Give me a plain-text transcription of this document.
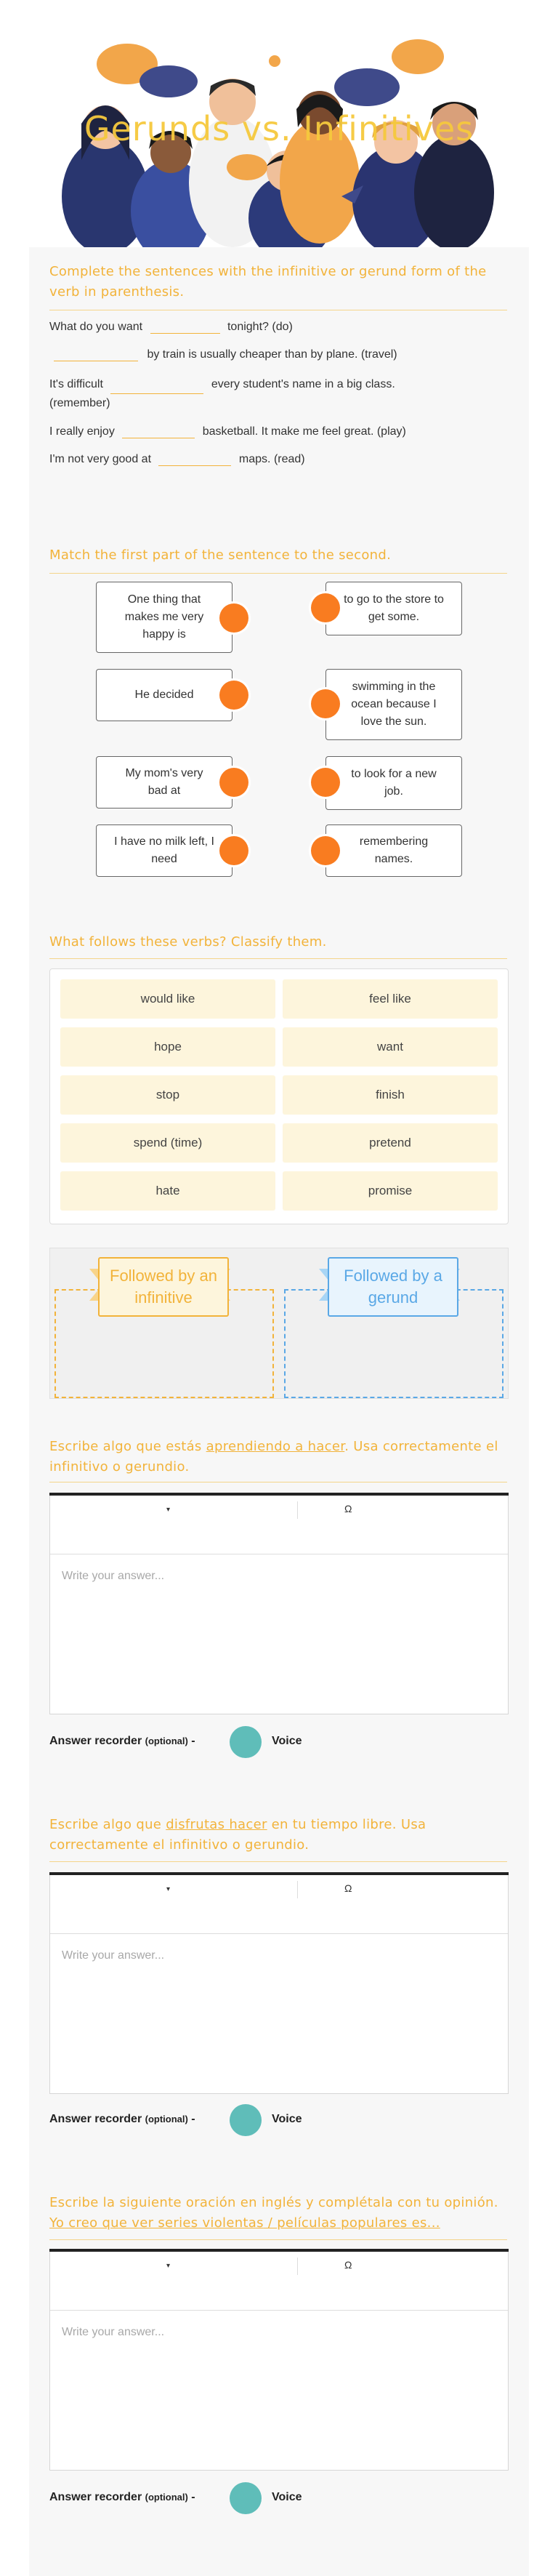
Gerunds vs. Infinitives
Complete the sentences with the infinitive or gerund form of the verb in parenthesis.
What do you want	tonight? (do)
by train is usually cheaper than by plane. (travel)
It's difficult	every student's name in a big class.
(remember)
I really enjoy	basketball. It make me feel great. (play)
I'm not very good at	maps. (read)
Match the first part of the sentence to the second.
One thing that makes me very happy is
He decided
My mom's very bad at
I have no milk left, I need
to go to the store to get some.
swimming in the ocean because I love the sun.
to look for a new job.
remembering names.
What follows these verbs? Classify them.
would like	feel like
hope	want
stop	finish
spend (time)	pretend
hate	promise
Followed by an infinitive
Followed by a gerund
Escribe algo que estás aprendiendo a hacer. Usa correctamente el infinitivo o gerundio.
▾	Ω
Write your answer...
Answer recorder (optional) -	Voice
Escribe algo que disfrutas hacer en tu tiempo libre. Usa correctamente el infinitivo o gerundio.
▾	Ω
Write your answer...
Answer recorder (optional) -	Voice
Escribe la siguiente oración en inglés y complétala con tu opinión. Yo creo que ver series violentas / películas populares es...
▾	Ω
Write your answer...
Answer recorder (optional) -	Voice
